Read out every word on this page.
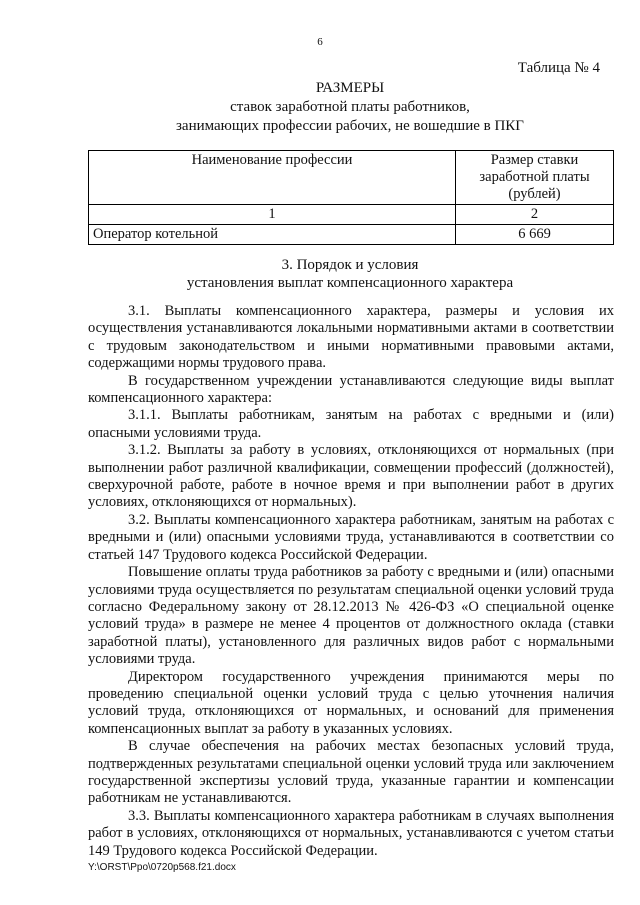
6
Таблица № 4
РАЗМЕРЫ
ставок заработной платы работников,
занимающих профессии рабочих, не вошедшие в ПКГ
Наименование профессии	Размер ставки заработной платы (рублей)
1	2
Оператор котельной	6 669
3. Порядок и условия
установления выплат компенсационного характера

3.1. Выплаты компенсационного характера, размеры и условия их осуществления устанавливаются локальными нормативными актами в соответствии с трудовым законодательством и иными нормативными правовыми актами, содержащими нормы трудового права.

В государственном учреждении устанавливаются следующие виды выплат компенсационного характера:

3.1.1. Выплаты работникам, занятым на работах с вредными и (или) опасными условиями труда.

3.1.2. Выплаты за работу в условиях, отклоняющихся от нормальных (при выполнении работ различной квалификации, совмещении профессий (должностей), сверхурочной работе, работе в ночное время и при выполнении работ в других условиях, отклоняющихся от нормальных).

3.2. Выплаты компенсационного характера работникам, занятым на работах с вредными и (или) опасными условиями труда, устанавливаются в соответствии со статьей 147 Трудового кодекса Российской Федерации.

Повышение оплаты труда работников за работу с вредными и (или) опасными условиями труда осуществляется по результатам специальной оценки условий труда согласно Федеральному закону от 28.12.2013 № 426-ФЗ «О специальной оценке условий труда» в размере не менее 4 процентов от должностного оклада (ставки заработной платы), установленного для различных видов работ с нормальными условиями труда.

Директором государственного учреждения принимаются меры по проведению специальной оценки условий труда с целью уточнения наличия условий труда, отклоняющихся от нормальных, и оснований для применения компенсационных выплат за работу в указанных условиях.

В случае обеспечения на рабочих местах безопасных условий труда, подтвержденных результатами специальной оценки условий труда или заключением государственной экспертизы условий труда, указанные гарантии и компенсации работникам не устанавливаются.

3.3. Выплаты компенсационного характера работникам в случаях выполнения работ в условиях, отклоняющихся от нормальных, устанавливаются с учетом статьи 149 Трудового кодекса Российской Федерации.

Y:\ORST\Ppo\0720p568.f21.docx
